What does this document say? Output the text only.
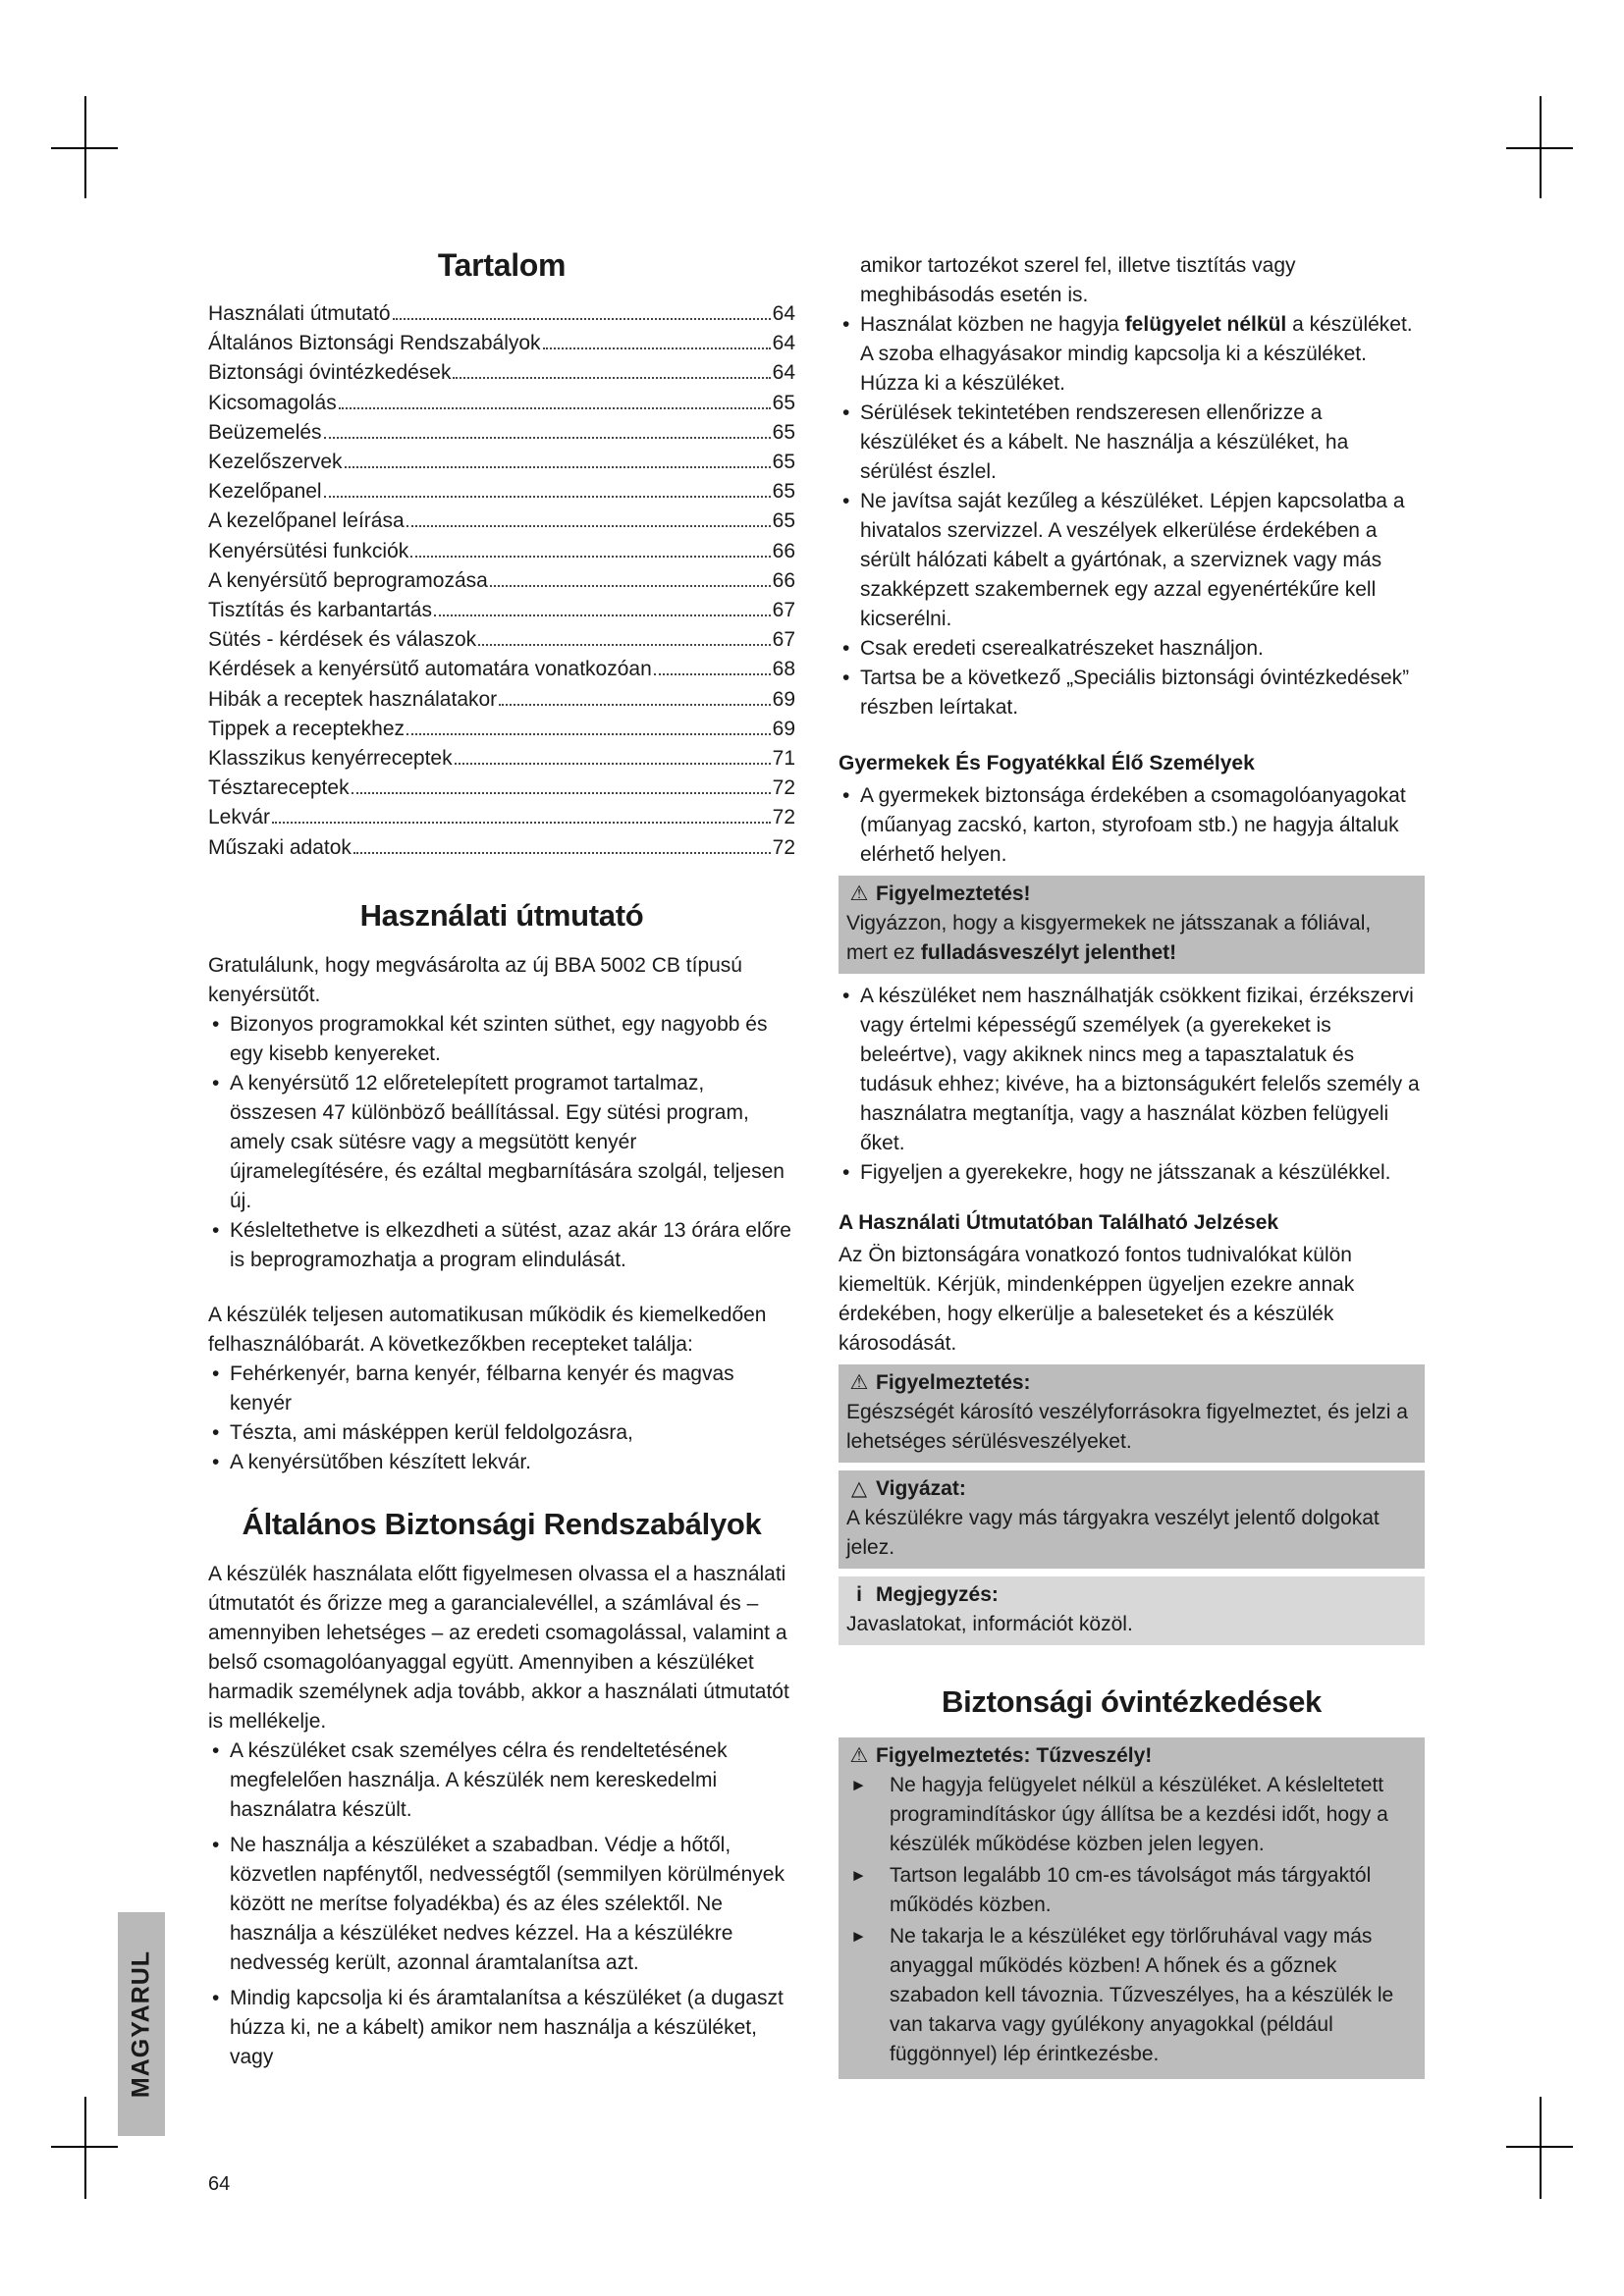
Tartalom
Használati útmutató	64
Általános Biztonsági Rendszabályok	64
Biztonsági óvintézkedések	64
Kicsomagolás	65
Beüzemelés	65
Kezelőszervek	65
Kezelőpanel	65
A kezelőpanel leírása	65
Kenyérsütési funkciók	66
A kenyérsütő beprogramozása	66
Tisztítás és karbantartás	67
Sütés - kérdések és válaszok	67
Kérdések a kenyérsütő automatára vonatkozóan	68
Hibák a receptek használatakor	69
Tippek a receptekhez	69
Klasszikus kenyérreceptek	71
Tésztareceptek	72
Lekvár	72
Műszaki adatok	72
Használati útmutató

Gratulálunk, hogy megvásárolta az új BBA 5002 CB típusú kenyérsütőt.

• Bizonyos programokkal két szinten süthet, egy nagyobb és egy kisebb kenyereket.
• A kenyérsütő 12 előretelepített programot tartalmaz, összesen 47 különböző beállítással. Egy sütési program, amely csak sütésre vagy a megsütött kenyér újramelegítésére, és ezáltal megbarnítására szolgál, teljesen új.
• Késleltethetve is elkezdheti a sütést, azaz akár 13 órára előre is beprogramozhatja a program elindulását.

A készülék teljesen automatikusan működik és kiemelkedően felhasználóbarát. A következőkben recepteket találja:

• Fehérkenyér, barna kenyér, félbarna kenyér és magvas kenyér
• Tészta, ami másképpen kerül feldolgozásra,
• A kenyérsütőben készített lekvár.
Általános Biztonsági Rendszabályok

A készülék használata előtt figyelmesen olvassa el a használati útmutatót és őrizze meg a garancialevéllel, a számlával és – amennyiben lehetséges – az eredeti csomagolással, valamint a belső csomagolóanyaggal együtt. Amennyiben a készüléket harmadik személynek adja tovább, akkor a használati útmutatót is mellékelje.

• A készüléket csak személyes célra és rendeltetésének megfelelően használja. A készülék nem kereskedelmi használatra készült.
• Ne használja a készüléket a szabadban. Védje a hőtől, közvetlen napfénytől, nedvességtől (semmilyen körülmények között ne merítse folyadékba) és az éles szélektől. Ne használja a készüléket nedves kézzel. Ha a készülékre nedvesség került, azonnal áramtalanítsa azt.
• Mindig kapcsolja ki és áramtalanítsa a készüléket (a dugaszt húzza ki, ne a kábelt) amikor nem használja a készüléket, vagy

amikor tartozékot szerel fel, illetve tisztítás vagy meghibásodás esetén is.

• Használat közben ne hagyja felügyelet nélkül a készüléket. A szoba elhagyásakor mindig kapcsolja ki a készüléket. Húzza ki a készüléket.
• Sérülések tekintetében rendszeresen ellenőrizze a készüléket és a kábelt. Ne használja a készüléket, ha sérülést észlel.
• Ne javítsa saját kezűleg a készüléket. Lépjen kapcsolatba a hivatalos szervizzel. A veszélyek elkerülése érdekében a sérült hálózati kábelt a gyártónak, a szerviznek vagy más szakképzett szakembernek egy azzal egyenértékűre kell kicserélni.
• Csak eredeti cserealkatrészeket használjon.
• Tartsa be a következő „Speciális biztonsági óvintézkedések” részben leírtakat.
Gyermekek És Fogyatékkal Élő Személyek
• A gyermekek biztonsága érdekében a csomagolóanyagokat (műanyag zacskó, karton, styrofoam stb.) ne hagyja általuk elérhető helyen.
⚠ Figyelmeztetés!

Vigyázzon, hogy a kisgyermekek ne játsszanak a fóliával, mert ez fulladásveszélyt jelenthet!

• A készüléket nem használhatják csökkent fizikai, érzékszervi vagy értelmi képességű személyek (a gyerekeket is beleértve), vagy akiknek nincs meg a tapasztalatuk és tudásuk ehhez; kivéve, ha a biztonságukért felelős személy a használatra megtanítja, vagy a használat közben felügyeli őket.
• Figyeljen a gyerekekre, hogy ne játsszanak a készülékkel.
A Használati Útmutatóban Található Jelzések

Az Ön biztonságára vonatkozó fontos tudnivalókat külön kiemeltük. Kérjük, mindenképpen ügyeljen ezekre annak érdekében, hogy elkerülje a baleseteket és a készülék károsodását.

⚠ Figyelmeztetés:

Egészségét károsító veszélyforrásokra figyelmeztet, és jelzi a lehetséges sérülésveszélyeket.

△ Vigyázat:

A készülékre vagy más tárgyakra veszélyt jelentő dolgokat jelez.

i Megjegyzés:

Javaslatokat, információt közöl.

Biztonsági óvintézkedések
⚠ Figyelmeztetés: Tűzveszély!
► Ne hagyja felügyelet nélkül a készüléket. A késleltetett programindításkor úgy állítsa be a kezdési időt, hogy a készülék működése közben jelen legyen.
► Tartson legalább 10 cm-es távolságot más tárgyaktól működés közben.
► Ne takarja le a készüléket egy törlőruhával vagy más anyaggal működés közben! A hőnek és a gőznek szabadon kell távoznia. Tűzveszélyes, ha a készülék le van takarva vagy gyúlékony anyagokkal (például függönnyel) lép érintkezésbe.
MAGYARUL
64
